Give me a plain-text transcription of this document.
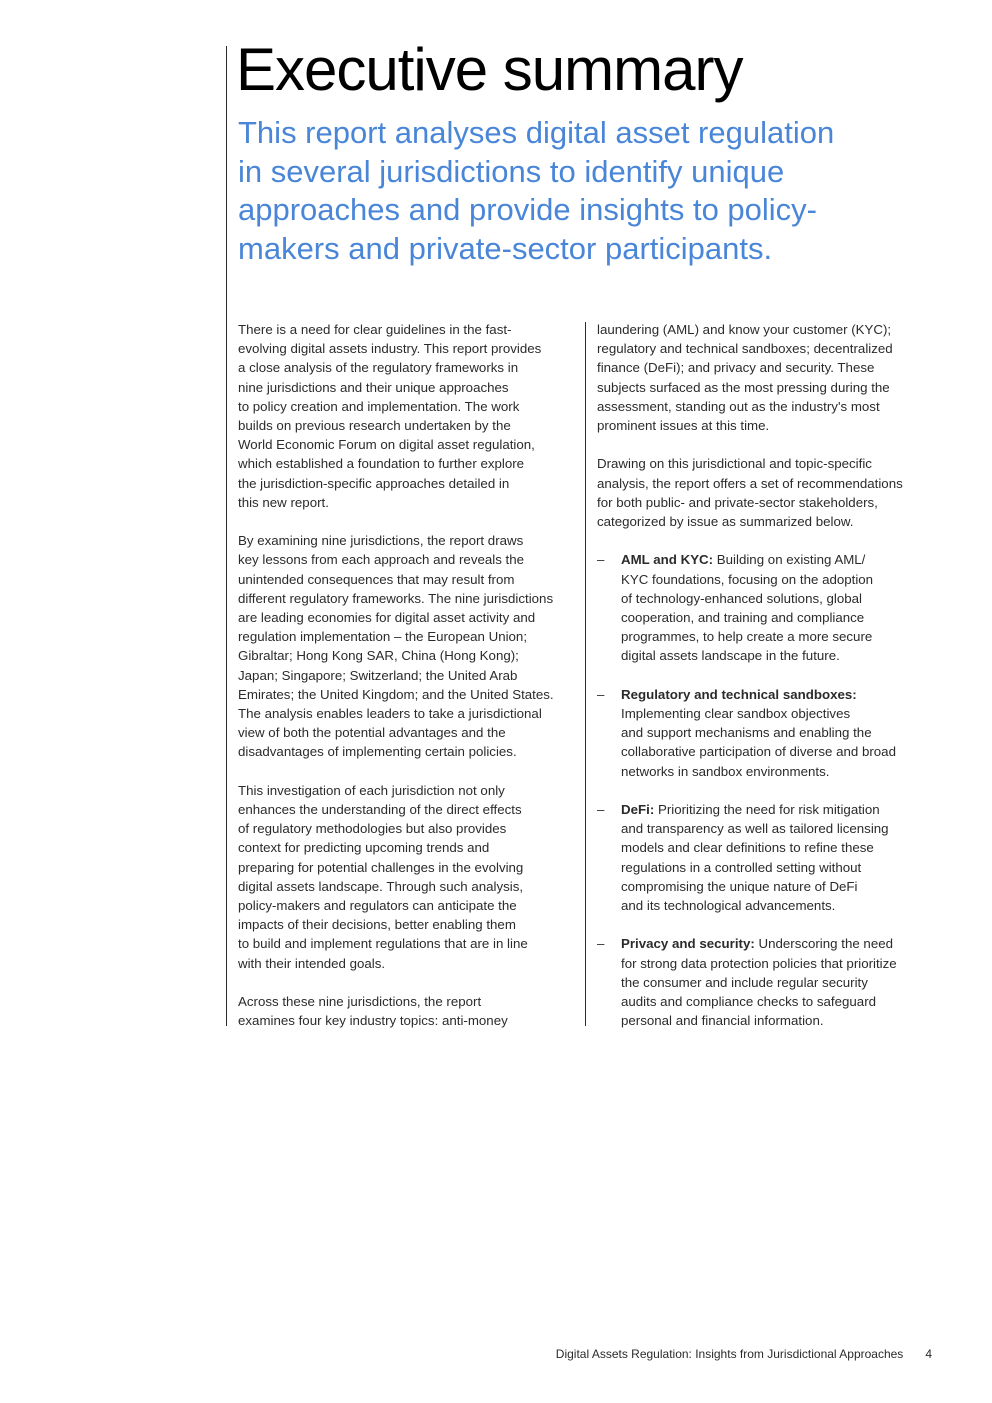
Executive summary
This report analyses digital asset regulation
in several jurisdictions to identify unique
approaches and provide insights to policy-
makers and private-sector participants.
There is a need for clear guidelines in the fast-
evolving digital assets industry. This report provides
a close analysis of the regulatory frameworks in
nine jurisdictions and their unique approaches
to policy creation and implementation. The work
builds on previous research undertaken by the
World Economic Forum on digital asset regulation,
which established a foundation to further explore
the jurisdiction-specific approaches detailed in
this new report.
By examining nine jurisdictions, the report draws
key lessons from each approach and reveals the
unintended consequences that may result from
different regulatory frameworks. The nine jurisdictions
are leading economies for digital asset activity and
regulation implementation – the European Union;
Gibraltar; Hong Kong SAR, China (Hong Kong);
Japan; Singapore; Switzerland; the United Arab
Emirates; the United Kingdom; and the United States.
The analysis enables leaders to take a jurisdictional
view of both the potential advantages and the
disadvantages of implementing certain policies.
This investigation of each jurisdiction not only
enhances the understanding of the direct effects
of regulatory methodologies but also provides
context for predicting upcoming trends and
preparing for potential challenges in the evolving
digital assets landscape. Through such analysis,
policy-makers and regulators can anticipate the
impacts of their decisions, better enabling them
to build and implement regulations that are in line
with their intended goals.
Across these nine jurisdictions, the report
examines four key industry topics: anti-money
laundering (AML) and know your customer (KYC);
regulatory and technical sandboxes; decentralized
finance (DeFi); and privacy and security. These
subjects surfaced as the most pressing during the
assessment, standing out as the industry's most
prominent issues at this time.
Drawing on this jurisdictional and topic-specific
analysis, the report offers a set of recommendations
for both public- and private-sector stakeholders,
categorized by issue as summarized below.
– AML and KYC: Building on existing AML/
KYC foundations, focusing on the adoption
of technology-enhanced solutions, global
cooperation, and training and compliance
programmes, to help create a more secure
digital assets landscape in the future.
– Regulatory and technical sandboxes:
Implementing clear sandbox objectives
and support mechanisms and enabling the
collaborative participation of diverse and broad
networks in sandbox environments.
– DeFi: Prioritizing the need for risk mitigation
and transparency as well as tailored licensing
models and clear definitions to refine these
regulations in a controlled setting without
compromising the unique nature of DeFi
and its technological advancements.
– Privacy and security: Underscoring the need
for strong data protection policies that prioritize
the consumer and include regular security
audits and compliance checks to safeguard
personal and financial information.
Digital Assets Regulation: Insights from Jurisdictional Approaches 4
